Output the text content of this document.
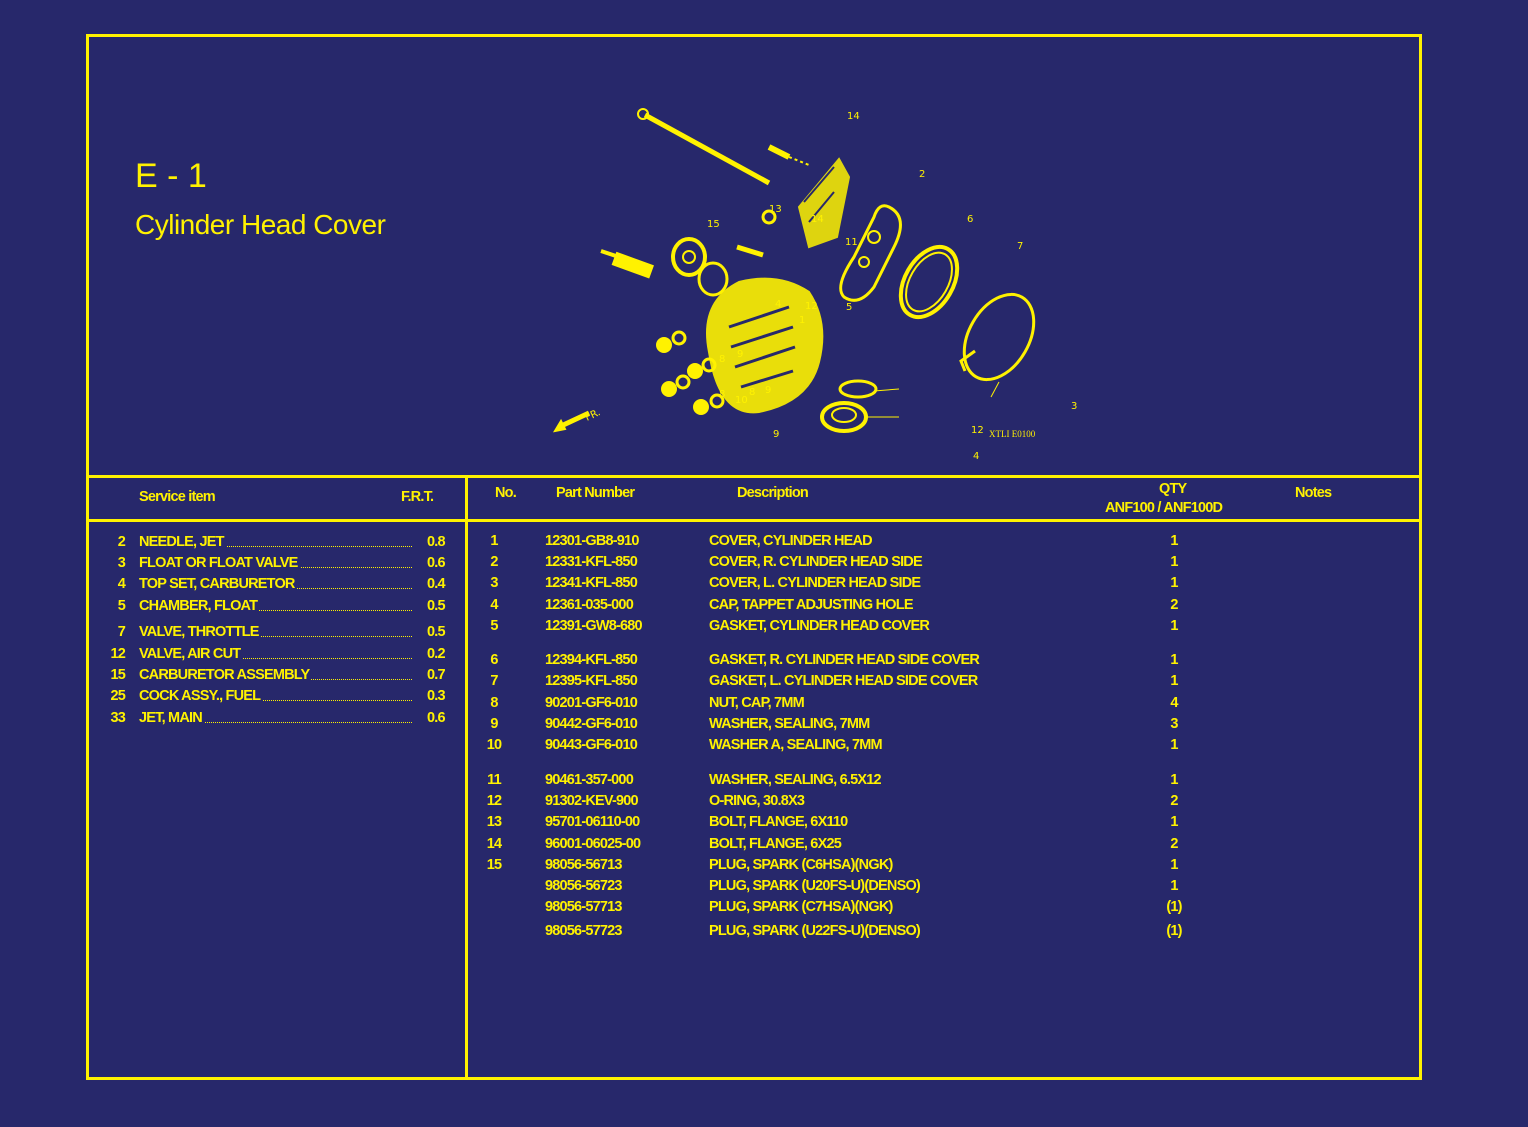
E - 1
Cylinder Head Cover
14
2
13
15	14
11
6
7
4 12	5
1
8 9
8
10
8 9
9	12
4
3
FR.
XTLI E0100
Service item	F.R.T.	No.	Part Number	Description	QTY
ANF100 / ANF100D
Notes
2 NEEDLE, JET	0.8
3 FLOAT OR FLOAT VALVE	0.6
4 TOP SET, CARBURETOR	0.4
5 CHAMBER, FLOAT	0.5
7 VALVE, THROTTLE	0.5
12 VALVE, AIR CUT	0.2
15 CARBURETOR ASSEMBLY	0.7
25 COCK ASSY., FUEL	0.3
33 JET, MAIN	0.6
1	12301-GB8-910	COVER, CYLINDER HEAD	1
2	12331-KFL-850	COVER, R. CYLINDER HEAD SIDE	1
3	12341-KFL-850	COVER, L. CYLINDER HEAD SIDE	1
4	12361-035-000	CAP, TAPPET ADJUSTING HOLE	2
5	12391-GW8-680	GASKET, CYLINDER HEAD COVER	1
6	12394-KFL-850	GASKET, R. CYLINDER HEAD SIDE COVER	1
7	12395-KFL-850	GASKET, L. CYLINDER HEAD SIDE COVER	1
8	90201-GF6-010	NUT, CAP, 7MM	4
9	90442-GF6-010	WASHER, SEALING, 7MM	3
10	90443-GF6-010	WASHER A, SEALING, 7MM	1
11	90461-357-000	WASHER, SEALING, 6.5X12	1
12	91302-KEV-900	O-RING, 30.8X3	2
13	95701-06110-00	BOLT, FLANGE, 6X110	1
14	96001-06025-00	BOLT, FLANGE, 6X25	2
15	98056-56713	PLUG, SPARK (C6HSA)(NGK)	1
98056-56723	PLUG, SPARK (U20FS-U)(DENSO)	1
98056-57713	PLUG, SPARK (C7HSA)(NGK)	(1)
98056-57723	PLUG, SPARK (U22FS-U)(DENSO)	(1)
